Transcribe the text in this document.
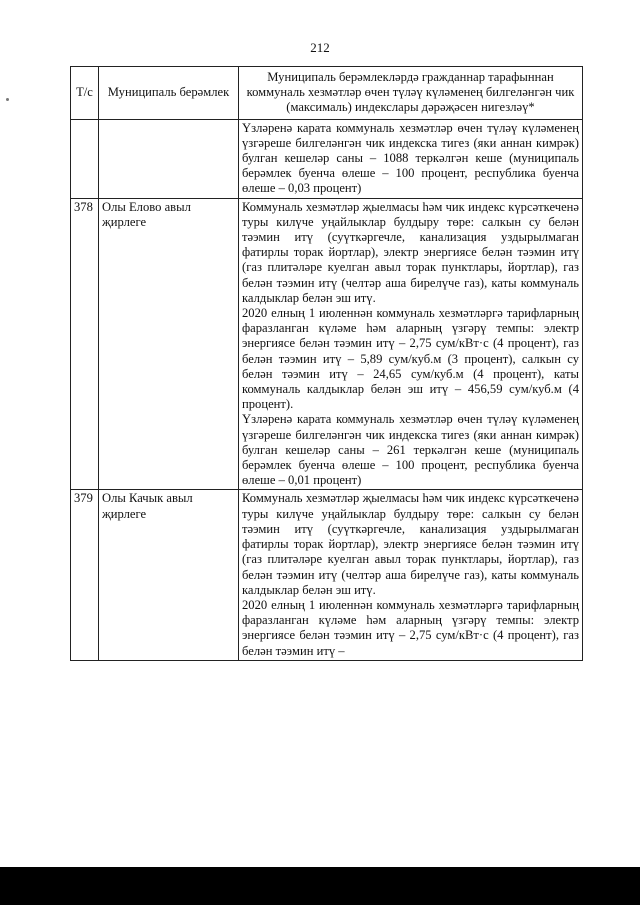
212
Т/с	Муниципаль берәмлек	Муниципаль берәмлекләрдә гражданнар тарафыннан коммуналь хезмәтләр өчен түләү күләменең билгеләнгән чик (максималь) индекслары дәрәҗәсен нигезләү*

		Үзләренә карата коммуналь хезмәтләр өчен түләү күләменең үзгәреше билгеләнгән чик индекска тигез (яки аннан кимрәк) булган кешеләр саны – 1088 теркәлгән кеше (муниципаль берәмлек буенча өлеше – 100 процент, республика буенча өлеше – 0,03 процент)

378	Олы Елово авыл җирлеге	Коммуналь хезмәтләр җыелмасы һәм чик индекс күрсәткеченә туры килүче уңайлыклар булдыру төре: салкын су белән тәэмин итү (суүткәргечле, канализация уздырылмаган фатирлы торак йортлар), электр энергиясе белән тәэмин итү (газ плитәләре куелган авыл торак пунктлары, йортлар), газ белән тәэмин итү (челтәр аша бирелүче газ), каты коммуналь калдыклар белән эш итү.
2020 елның 1 июленнән коммуналь хезмәтләргә тарифларның фаразланган күләме һәм аларның үзгәрү темпы: электр энергиясе белән тәэмин итү – 2,75 сум/кВт·с (4 процент), газ белән тәэмин итү – 5,89 сум/куб.м (3 процент), салкын су белән тәэмин итү – 24,65 сум/куб.м (4 процент), каты коммуналь калдыклар белән эш итү – 456,59 сум/куб.м (4 процент).
Үзләренә карата коммуналь хезмәтләр өчен түләү күләменең үзгәреше билгеләнгән чик индекска тигез (яки аннан кимрәк) булган кешеләр саны – 261 теркәлгән кеше (муниципаль берәмлек буенча өлеше – 100 процент, республика буенча өлеше – 0,01 процент)

379	Олы Качык авыл җирлеге	Коммуналь хезмәтләр җыелмасы һәм чик индекс күрсәткеченә туры килүче уңайлыклар булдыру төре: салкын су белән тәэмин итү (суүткәргечле, канализация уздырылмаган фатирлы торак йортлар), электр энергиясе белән тәэмин итү (газ плитәләре куелган авыл торак пунктлары, йортлар), газ белән тәэмин итү (челтәр аша бирелүче газ), каты коммуналь калдыклар белән эш итү.
2020 елның 1 июленнән коммуналь хезмәтләргә тарифларның фаразланган күләме һәм аларның үзгәрү темпы: электр энергиясе белән тәэмин итү – 2,75 сум/кВт·с (4 процент), газ белән тәэмин итү –
